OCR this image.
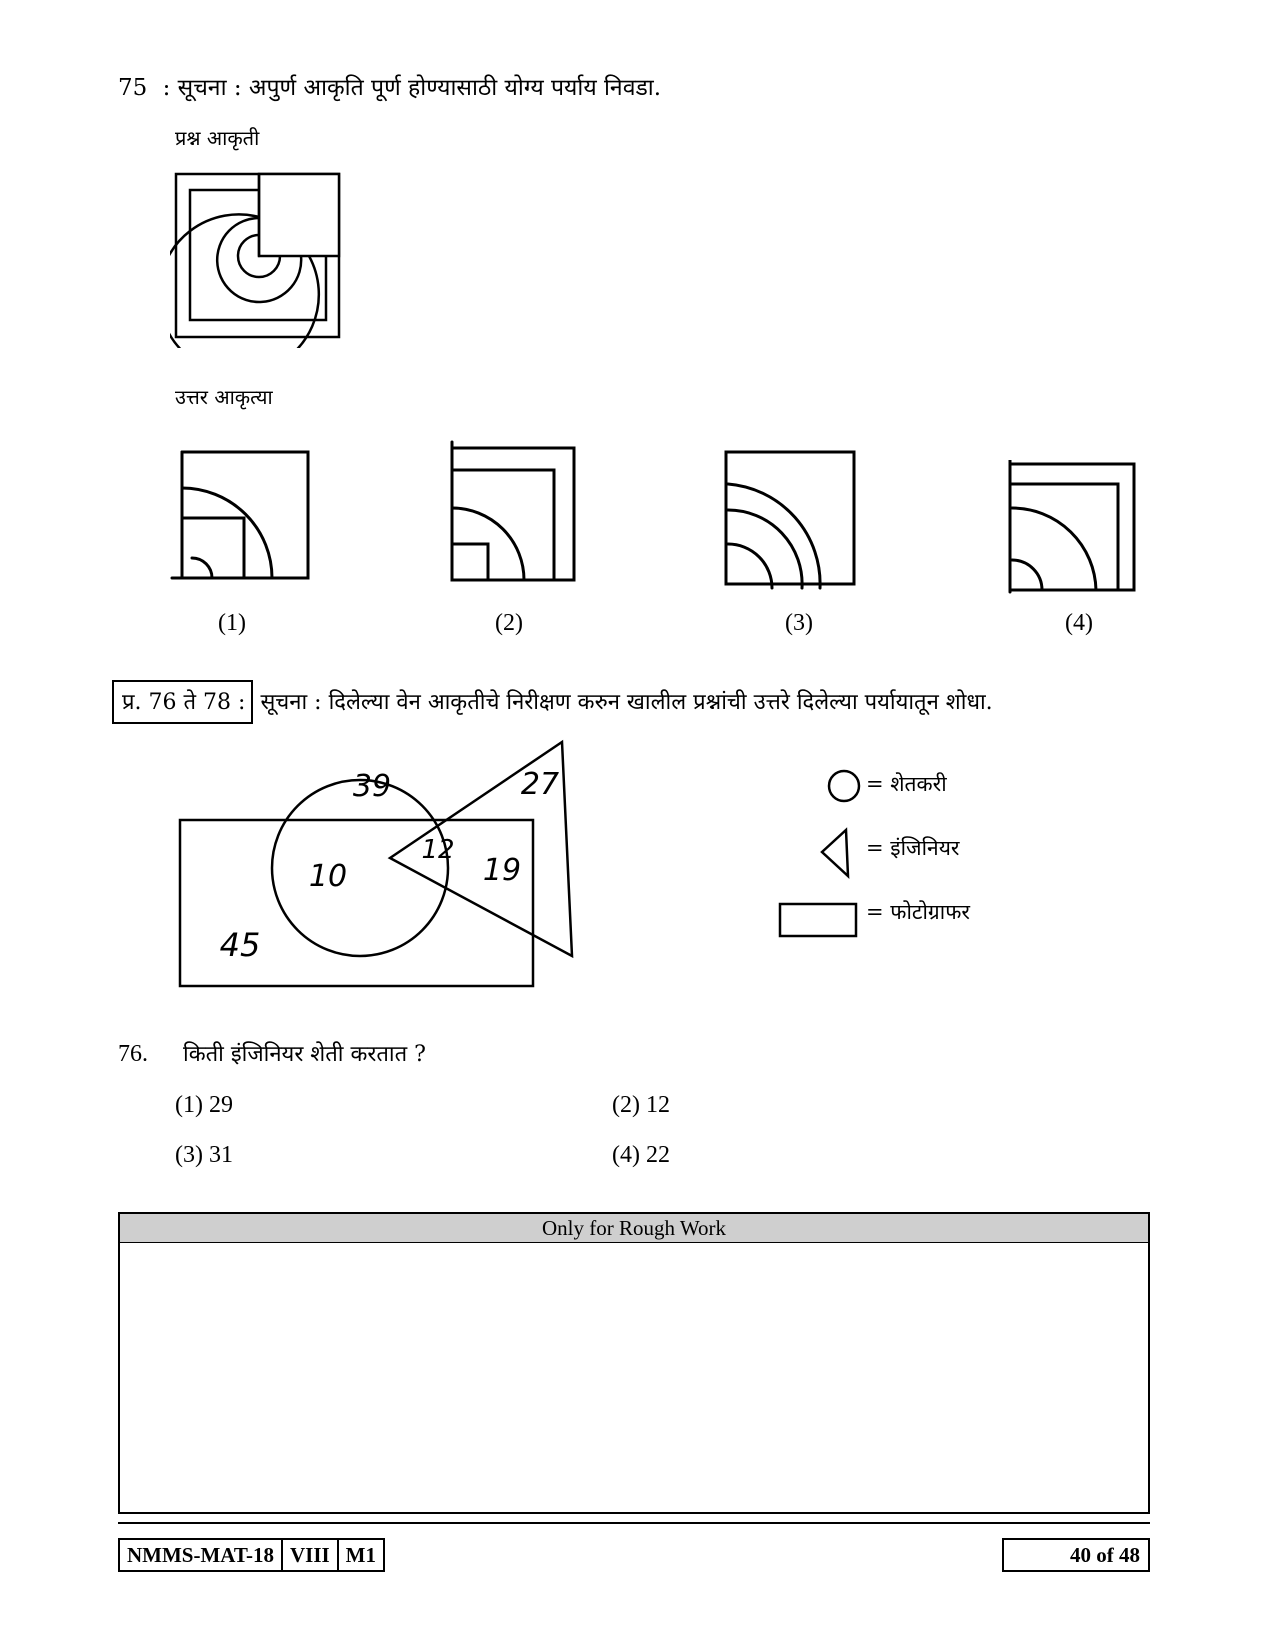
75 : सूचना : अपुर्ण आकृति पूर्ण होण्यासाठी योग्य पर्याय निवडा.
प्रश्न आकृती
उत्तर आकृत्या
(1)	(2)	(3)	(4)
प्र. 76 ते 78 : सूचना : दिलेल्या वेन आकृतीचे निरीक्षण करुन खालील प्रश्नांची उत्तरे दिलेल्या पर्यायातून शोधा.
39	27
12
10	19
45
= शेतकरी
= इंजिनियर
= फोटोग्राफर
76. किती इंजिनियर शेती करतात ?
(1) 29	(2) 12
(3) 31	(4) 22
Only for Rough Work
NMMS-MAT-18 VIII M1	40 of 48
